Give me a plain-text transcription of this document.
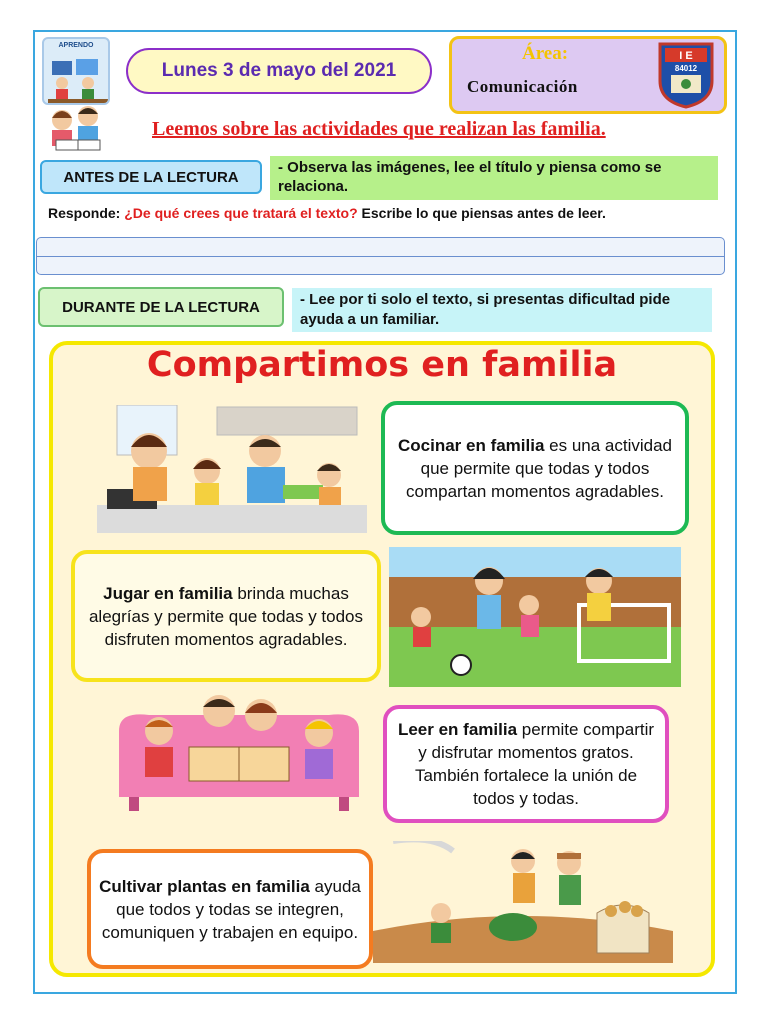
APRENDO
Lunes 3 de mayo del 2021
Área:
Comunicación
I E
84012
Leemos sobre las actividades que realizan las familia.
ANTES DE LA LECTURA
- Observa las imágenes, lee el título y piensa como se relaciona.
Responde: ¿De qué crees que tratará el texto? Escribe lo que piensas antes de leer.
DURANTE DE LA LECTURA	- Lee por ti solo el texto, si presentas dificultad pide ayuda a un familiar.
Compartimos en familia
Cocinar en familia es una actividad que permite que todas y todos compartan momentos agradables.
Jugar en familia brinda muchas alegrías y permite que todas y todos disfruten momentos agradables.
Leer en familia permite compartir y disfrutar momentos gratos. También fortalece la unión de todos y todas.
Cultivar plantas en familia ayuda que todos y todas se integren, comuniquen y trabajen en equipo.
